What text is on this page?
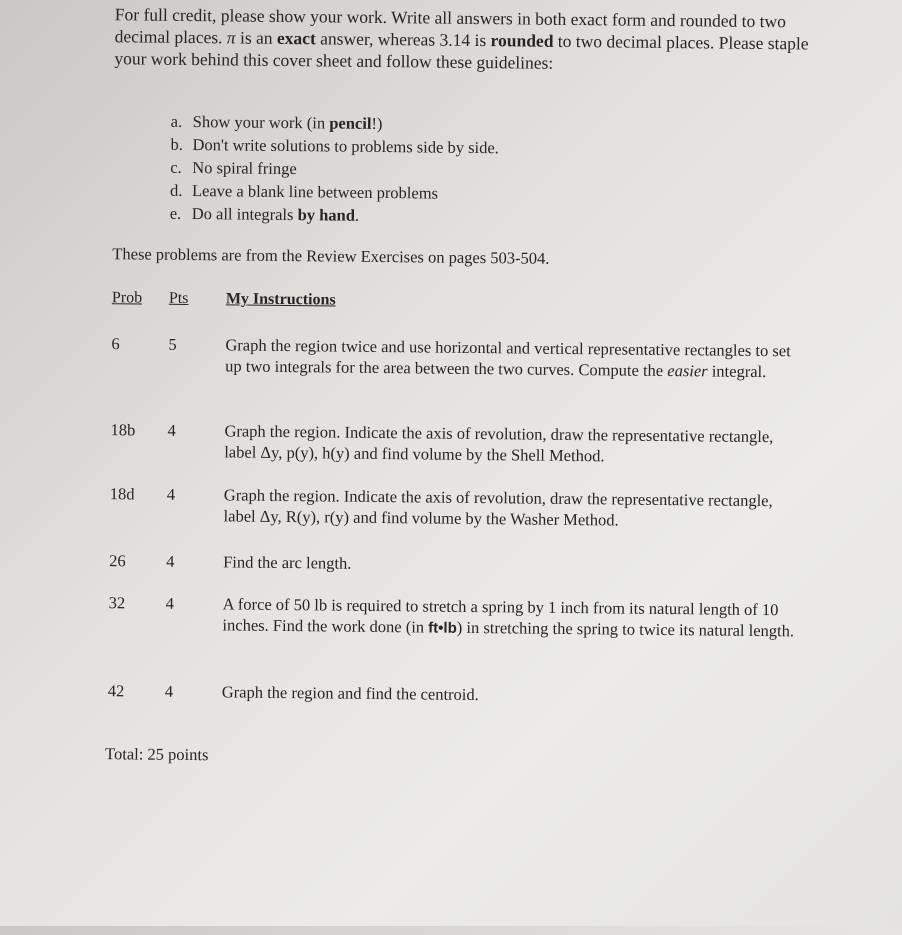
For full credit, please show your work. Write all answers in both exact form and rounded to two decimal places. π is an exact answer, whereas 3.14 is rounded to two decimal places. Please staple your work behind this cover sheet and follow these guidelines:
a. Show your work (in pencil!)
b. Don't write solutions to problems side by side.
c. No spiral fringe
d. Leave a blank line between problems
e. Do all integrals by hand.
These problems are from the Review Exercises on pages 503-504.
Prob Pts My Instructions
6	5	Graph the region twice and use horizontal and vertical representative rectangles to set up two integrals for the area between the two curves. Compute the easier integral.
18b 4	Graph the region. Indicate the axis of revolution, draw the representative rectangle, label Δy, p(y), h(y) and find volume by the Shell Method.
18d 4	Graph the region. Indicate the axis of revolution, draw the representative rectangle, label Δy, R(y), r(y) and find volume by the Washer Method.
26 4	Find the arc length.
32 4	A force of 50 lb is required to stretch a spring by 1 inch from its natural length of 10 inches. Find the work done (in ft•lb) in stretching the spring to twice its natural length.
42 4	Graph the region and find the centroid.
Total: 25 points
